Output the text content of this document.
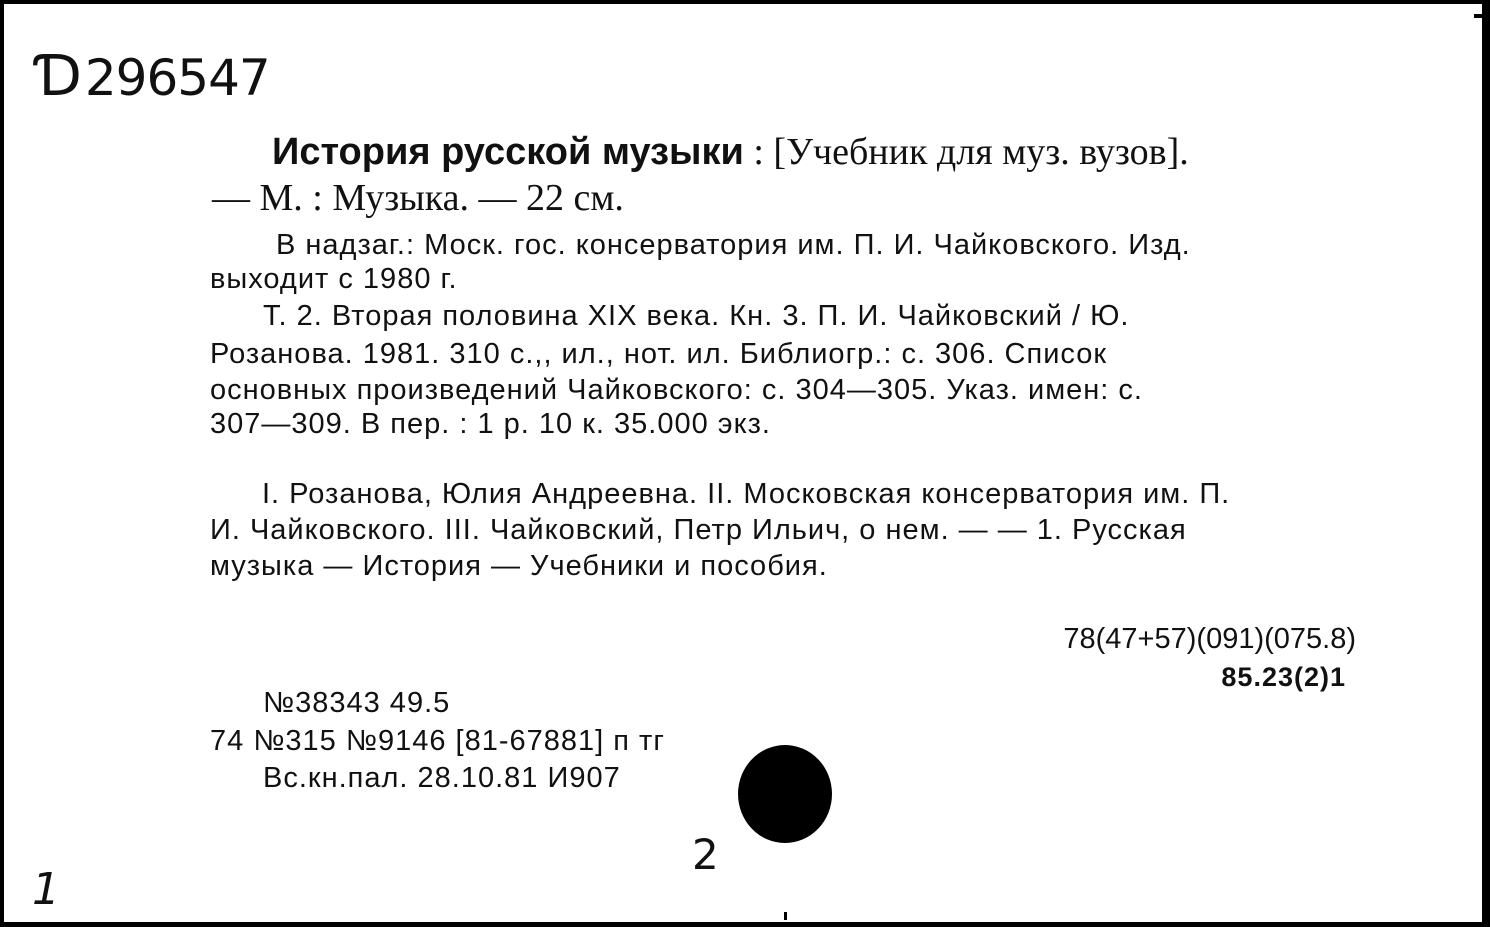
Ɗ296547
История русской музыки : [Учебник для муз. вузов].
— М. : Музыка. — 22 см.
В надзаг.: Моск. гос. консерватория им. П. И. Чайковского. Изд.
выходит с 1980 г.
Т. 2. Вторая половина XIX века. Кн. 3. П. И. Чайковский / Ю.
Розанова. 1981. 310 с.,, ил., нот. ил. Библиогр.: с. 306. Список
основных произведений Чайковского: с. 304—305. Указ. имен: с.
307—309. В пер. : 1 р. 10 к. 35.000 экз.
I. Розанова, Юлия Андреевна. II. Московская консерватория им. П.
И. Чайковского. III. Чайковский, Петр Ильич, о нем. — — 1. Русская
музыка — История — Учебники и пособия.
78(47+57)(091)(075.8)
85.23(2)1
№38343 49.5
74 №315 №9146 [81-67881] п тг
Вс.кн.пал. 28.10.81 И907
2
1
